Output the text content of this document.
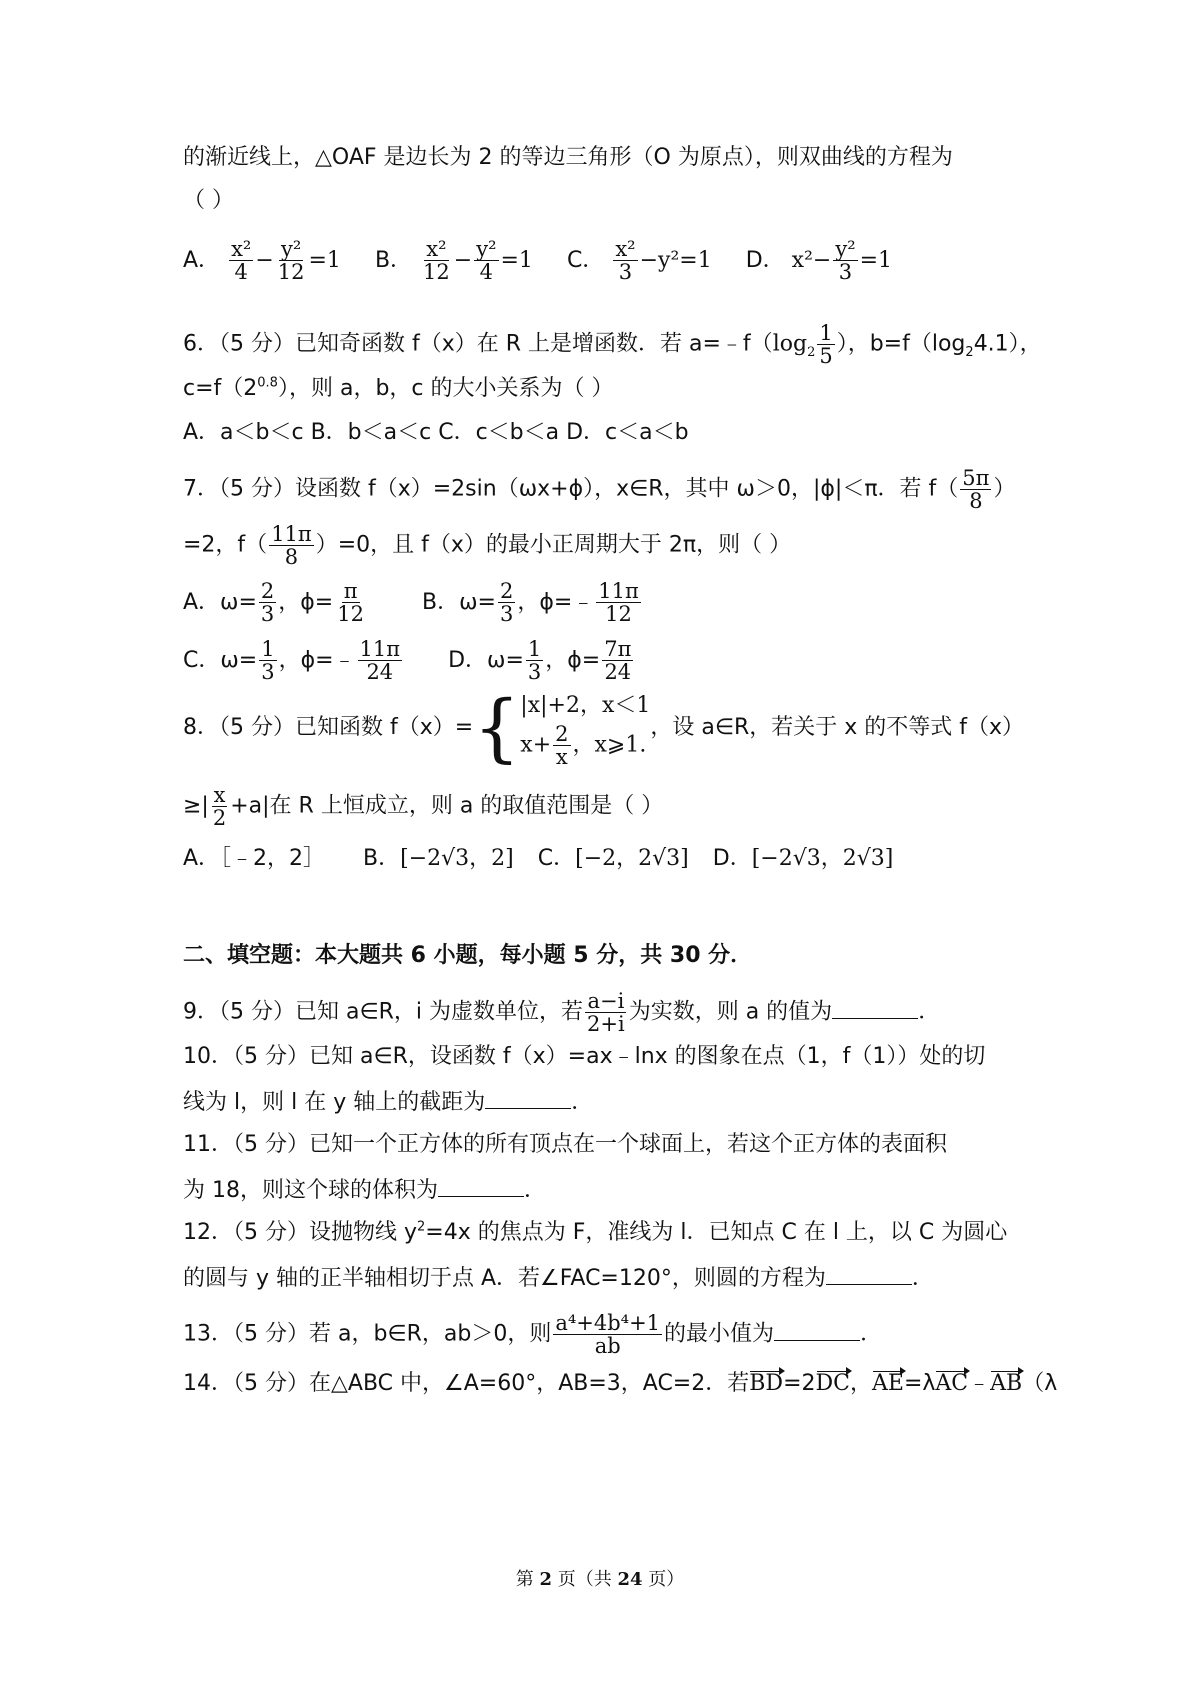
的渐近线上，△OAF 是边长为 2 的等边三角形（O 为原点），则双曲线的方程为
（ ）
A． $\frac{\text{x²}}{4} - \frac{\text{y²}}{12} =1$ B． $\frac{\text{x²}}{12} - \frac{\text{y²}}{4} =1$ C． $\frac{\text{x²}}{3} -y^2=1$ D． $x^2- \frac{\text{y²}}{3} =1$
6．（5 分）已知奇函数 f（x）在 R 上是增函数．若 $a=﹣f(\log_2 \frac{1}{5}$ ），$b=f(\log_24.1)$，
$c=f(2^{0.8})$，则 a，b，c 的大小关系为（ ）
A．a＜b＜c B．b＜a＜c C．c＜b＜a D．c＜a＜b
7．（5 分）设函数 f（x）=2sin（ωx+ϕ），x∈R，其中 ω＞0，|ϕ|＜π．若 $f( \frac{5\pi}{8}$ ）
=2，$f( \frac{11\pi}{8} )=0$，且 f（x）的最小正周期大于 2π，则（ ）
A．$\omega= \frac{2}{3}$ ，$\phi= \frac{\pi}{12}$	B．$\omega= \frac{2}{3}$ ，ϕ=﹣ $\frac{11\pi}{12}$
C．$\omega= \frac{1}{3}$ ，ϕ=﹣ $\frac{11\pi}{24}$ D．$\omega= \frac{1}{3}$ ，$\phi= \frac{7\pi}{24}$
8．（5 分）已知函数 f（x）={ |x|+2，x＜1
$x+ \frac{2}{x}$ ，x⩾1.
，设 a∈R，若关于 x 的不等式 f（x）
≥| $\frac{x}{2} +a|$在 R 上恒成立，则 a 的取值范围是（ ）
A．［﹣2，2］ B．[−2√3，2] C．[−2，2√3] D．[−2√3，2√3]
二、填空题：本大题共 6 小题，每小题 5 分，共 30 分．
9．（5 分）已知 a∈R，i 为虚数单位，若 $\frac{a-i}{2+i}$ 为实数，则 a 的值为	．
10．（5 分）已知 a∈R，设函数 f（x）=ax﹣lnx 的图象在点（1，f（1））处的切
线为 l，则 l 在 y 轴上的截距为	．
11．（5 分）已知一个正方体的所有顶点在一个球面上，若这个正方体的表面积
为 18，则这个球的体积为	．
12．（5 分）设抛物线 $y^2=4x$ 的焦点为 F，准线为 l．已知点 C 在 l 上，以 C 为圆心
的圆与 y 轴的正半轴相切于点 A．若∠FAC=120°，则圆的方程为	．
13．（5 分）若 a，b∈R，ab＞0，则 $\frac{\text{a⁴+4b⁴+1}}{ab}$ 的最小值为	．
14．（5 分）在△ABC 中，∠A=60°，AB=3，AC=2．若BD=2DC，AE=λAC﹣AB（λ
第 2 页（共 24 页）
